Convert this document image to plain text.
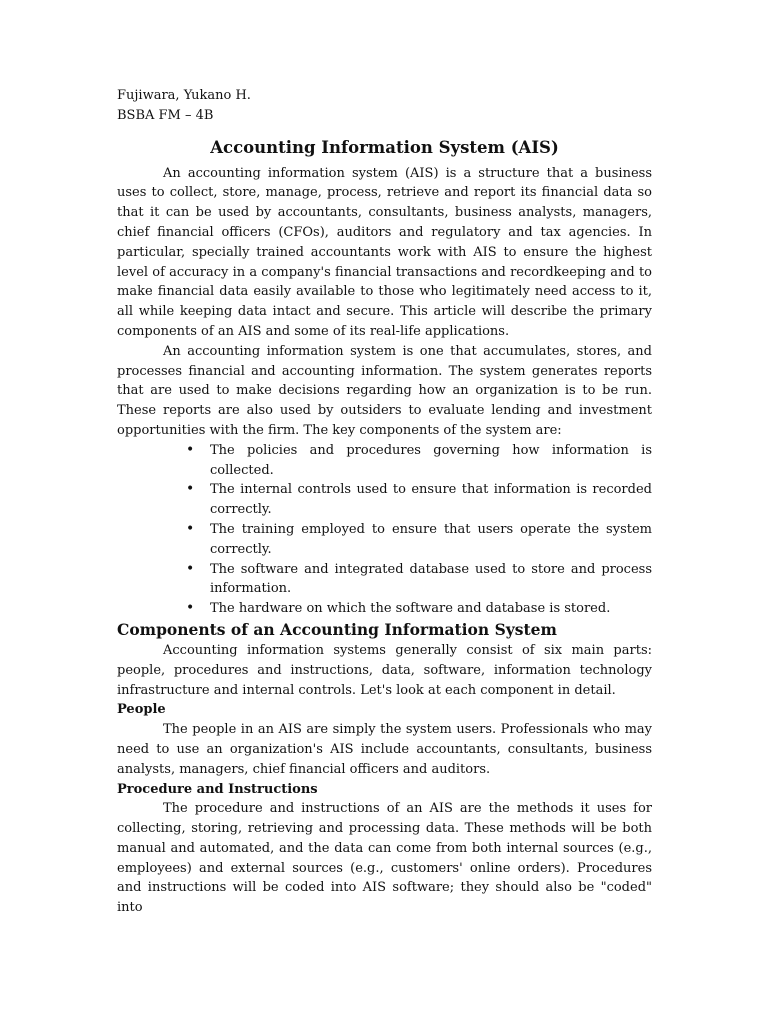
Fujiwara, Yukano H.

BSBA FM – 4B

Accounting Information System (AIS)

An accounting information system (AIS) is a structure that a business uses to collect, store, manage, process, retrieve and report its financial data so that it can be used by accountants, consultants, business analysts, managers, chief financial officers (CFOs), auditors and regulatory and tax agencies. In particular, specially trained accountants work with AIS to ensure the highest level of accuracy in a company's financial transactions and recordkeeping and to make financial data easily available to those who legitimately need access to it, all while keeping data intact and secure. This article will describe the primary components of an AIS and some of its real-life applications.

An accounting information system is one that accumulates, stores, and processes financial and accounting information. The system generates reports that are used to make decisions regarding how an organization is to be run. These reports are also used by outsiders to evaluate lending and investment opportunities with the firm. The key components of the system are:

• The policies and procedures governing how information is collected.
• The internal controls used to ensure that information is recorded correctly.
• The training employed to ensure that users operate the system correctly.
• The software and integrated database used to store and process information.
• The hardware on which the software and database is stored.
Components of an Accounting Information System

Accounting information systems generally consist of six main parts: people, procedures and instructions, data, software, information technology infrastructure and internal controls. Let's look at each component in detail.

People

The people in an AIS are simply the system users. Professionals who may need to use an organization's AIS include accountants, consultants, business analysts, managers, chief financial officers and auditors.

Procedure and Instructions

The procedure and instructions of an AIS are the methods it uses for collecting, storing, retrieving and processing data. These methods will be both manual and automated, and the data can come from both internal sources (e.g., employees) and external sources (e.g., customers' online orders). Procedures and instructions will be coded into AIS software; they should also be "coded" into
